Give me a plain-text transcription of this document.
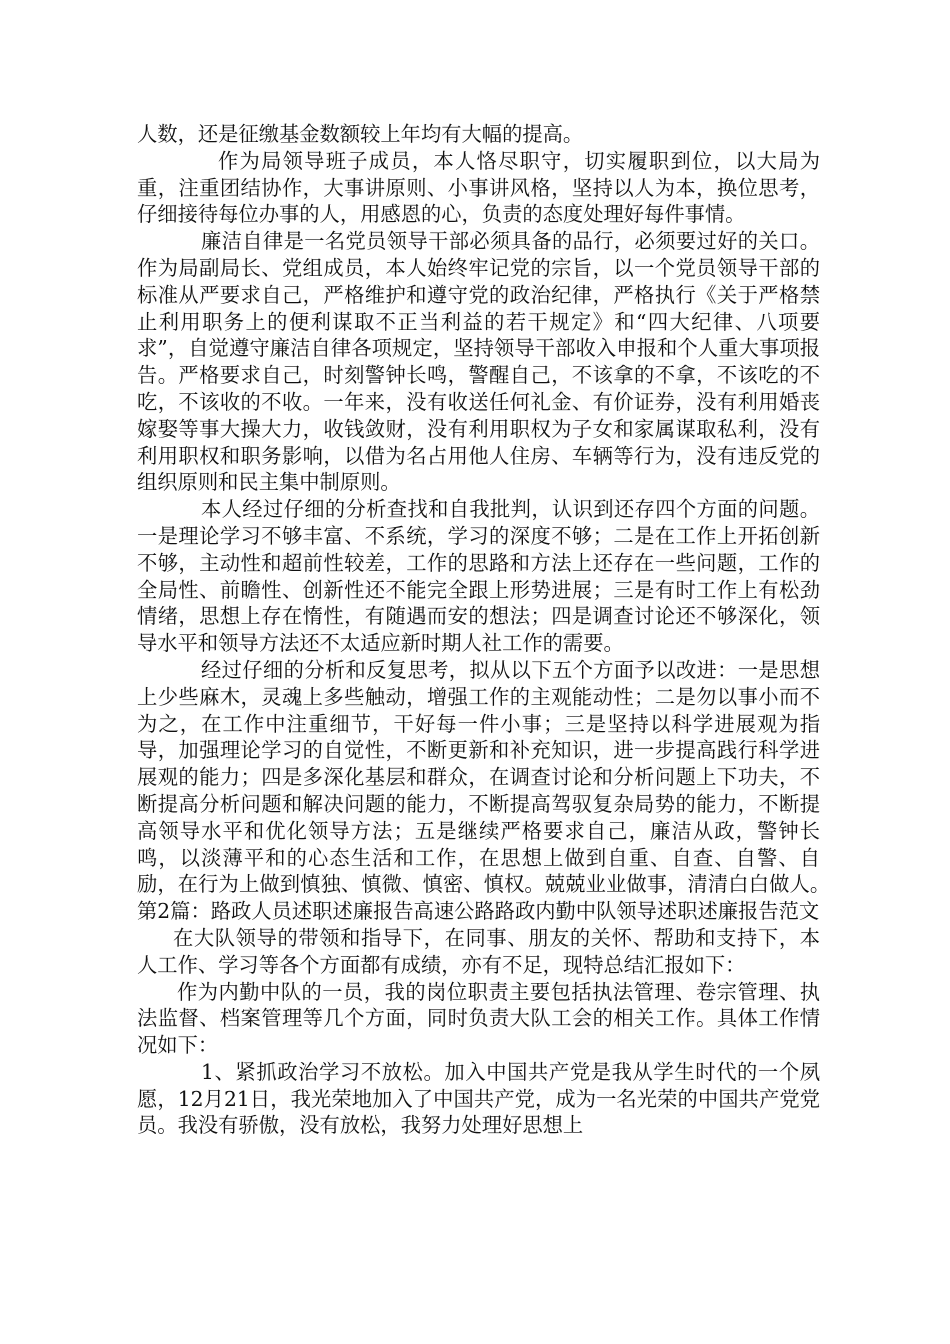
人数，还是征缴基金数额较上年均有大幅的提高。

作为局领导班子成员，本人恪尽职守，切实履职到位，以大局为重，注重团结协作，大事讲原则、小事讲风格，坚持以人为本，换位思考，仔细接待每位办事的人，用感恩的心，负责的态度处理好每件事情。

廉洁自律是一名党员领导干部必须具备的品行，必须要过好的关口。作为局副局长、党组成员，本人始终牢记党的宗旨，以一个党员领导干部的标准从严要求自己，严格维护和遵守党的政治纪律，严格执行《关于严格禁止利用职务上的便利谋取不正当利益的若干规定》和“四大纪律、八项要求”，自觉遵守廉洁自律各项规定，坚持领导干部收入申报和个人重大事项报告。严格要求自己，时刻警钟长鸣，警醒自己，不该拿的不拿，不该吃的不吃，不该收的不收。一年来，没有收送任何礼金、有价证券，没有利用婚丧嫁娶等事大操大力，收钱敛财，没有利用职权为子女和家属谋取私利，没有利用职权和职务影响，以借为名占用他人住房、车辆等行为，没有违反党的组织原则和民主集中制原则。

本人经过仔细的分析查找和自我批判，认识到还存四个方面的问题。一是理论学习不够丰富、不系统，学习的深度不够；二是在工作上开拓创新不够，主动性和超前性较差，工作的思路和方法上还存在一些问题，工作的全局性、前瞻性、创新性还不能完全跟上形势进展；三是有时工作上有松劲情绪，思想上存在惰性，有随遇而安的想法；四是调查讨论还不够深化，领导水平和领导方法还不太适应新时期人社工作的需要。

经过仔细的分析和反复思考，拟从以下五个方面予以改进：一是思想上少些麻木，灵魂上多些触动，增强工作的主观能动性；二是勿以事小而不为之，在工作中注重细节，干好每一件小事；三是坚持以科学进展观为指导，加强理论学习的自觉性，不断更新和补充知识，进一步提高践行科学进展观的能力；四是多深化基层和群众，在调查讨论和分析问题上下功夫，不断提高分析问题和解决问题的能力，不断提高驾驭复杂局势的能力，不断提高领导水平和优化领导方法；五是继续严格要求自己，廉洁从政，警钟长鸣，以淡薄平和的心态生活和工作，在思想上做到自重、自查、自警、自励，在行为上做到慎独、慎微、慎密、慎权。兢兢业业做事，清清白白做人。　　第2篇：路政人员述职述廉报告高速公路路政内勤中队领导述职述廉报告范文

在大队领导的带领和指导下，在同事、朋友的关怀、帮助和支持下，本人工作、学习等各个方面都有成绩，亦有不足，现特总结汇报如下：

作为内勤中队的一员，我的岗位职责主要包括执法管理、卷宗管理、执法监督、档案管理等几个方面，同时负责大队工会的相关工作。具体工作情况如下：

1、紧抓政治学习不放松。加入中国共产党是我从学生时代的一个夙愿，12月21日，我光荣地加入了中国共产党，成为一名光荣的中国共产党党员。我没有骄傲，没有放松，我努力处理好思想上
